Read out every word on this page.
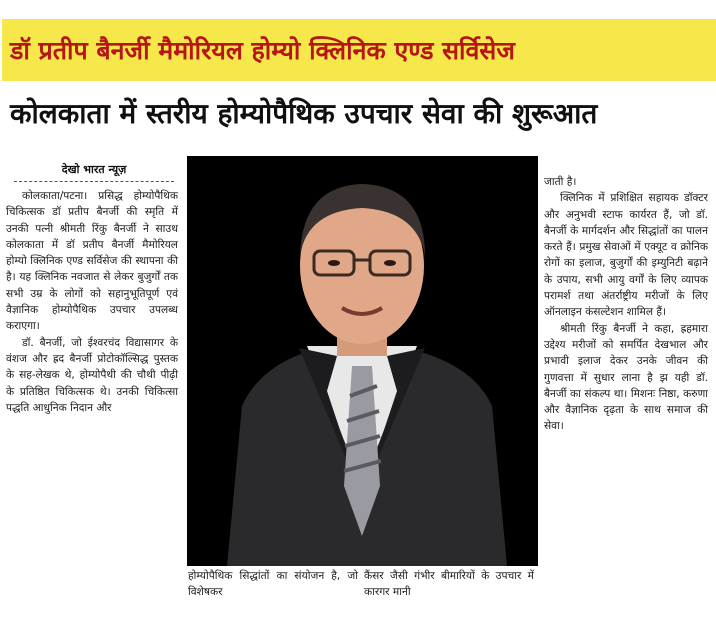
डॉ प्रतीप बैनर्जी मैमोरियल होम्यो क्लिनिक एण्ड सर्विसेज
कोलकाता में स्तरीय होम्योपैथिक उपचार सेवा की शुरूआत
देखो भारत न्यूज़

कोलकाता/पटना। प्रसिद्ध होम्योपैथिक चिकित्सक डॉ प्रतीप बैनर्जी की स्मृति में उनकी पत्नी श्रीमती रिंकु बैनर्जी ने साउथ कोलकाता में डॉ प्रतीप बैनर्जी मैमोरियल होम्यो क्लिनिक एण्ड सर्विसेज की स्थापना की है। यह क्लिनिक नवजात से लेकर बुजुर्गों तक सभी उम्र के लोगों को सहानुभूतिपूर्ण एवं वैज्ञानिक होम्योपैथिक उपचार उपलब्ध कराएगा।

डॉ. बैनर्जी, जो ईश्वरचंद विद्यासागर के वंशज और ह्रद बैनर्जी प्रोटोकॉल्सिद्ध पुस्तक के सह-लेखक थे, होम्योपैथी की चौथी पीढ़ी के प्रतिष्ठित चिकित्सक थे। उनकी चिकित्सा पद्धति आधुनिक निदान और

होम्योपैथिक सिद्धांतों का संयोजन है, जो विशेषकर
कैंसर जैसी गंभीर बीमारियों के उपचार में कारगर मानी

जाती है।

क्लिनिक में प्रशिक्षित सहायक डॉक्टर और अनुभवी स्टाफ कार्यरत हैं, जो डॉ. बैनर्जी के मार्गदर्शन और सिद्धांतों का पालन करते हैं। प्रमुख सेवाओं में एक्यूट व क्रोनिक रोगों का इलाज, बुजुर्गों की इम्युनिटी बढ़ाने के उपाय, सभी आयु वर्गों के लिए व्यापक परामर्श तथा अंतर्राष्ट्रीय मरीजों के लिए ऑनलाइन कंसल्टेशन शामिल हैं।

श्रीमती रिंकु बैनर्जी ने कहा, ह्रहमारा उद्देश्य मरीजों को समर्पित देखभाल और प्रभावी इलाज देकर उनके जीवन की गुणवत्ता में सुधार लाना है झ यही डॉ. बैनर्जी का संकल्प था। मिशनः निष्ठा, करुणा और वैज्ञानिक दृढ़ता के साथ समाज की सेवा।
